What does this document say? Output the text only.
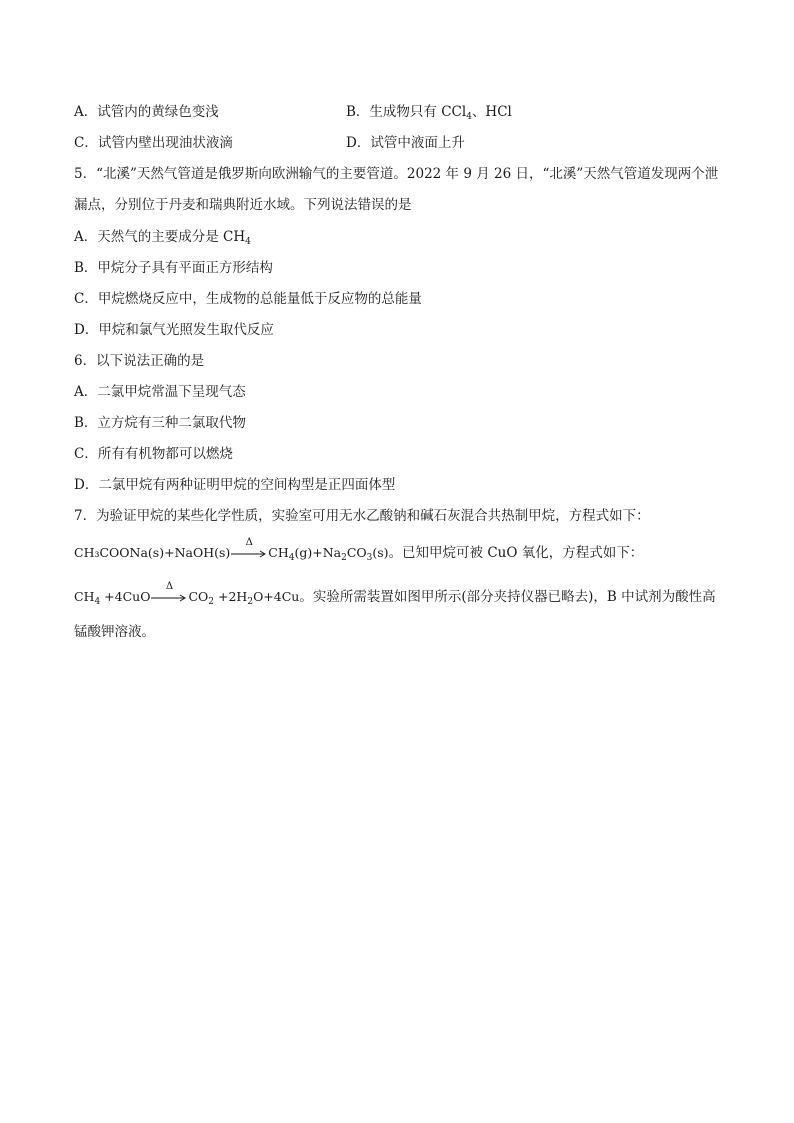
A．试管内的黄绿色变浅	B．生成物只有 CCl$_4$、HCl
C．试管内壁出现油状液滴	D．试管中液面上升
5．“北溪”天然气管道是俄罗斯向欧洲输气的主要管道。2022 年 9 月 26 日，“北溪”天然气管道发现两个泄
漏点，分别位于丹麦和瑞典附近水域。下列说法错误的是
A．天然气的主要成分是 $CH_4$
B．甲烷分子具有平面正方形结构
C．甲烷燃烧反应中，生成物的总能量低于反应物的总能量
D．甲烷和氯气光照发生取代反应
6．以下说法正确的是
A．二氯甲烷常温下呈现气态
B．立方烷有三种二氯取代物
C．所有有机物都可以燃烧
D．二氯甲烷有两种证明甲烷的空间构型是正四面体型
7．为验证甲烷的某些化学性质，实验室可用无水乙酸钠和碱石灰混合共热制甲烷，方程式如下：
CH₃COONa(s)+NaOH(s)
Δ
$CH_4(g)+Na_2CO_3(s)$。已知甲烷可被 CuO 氧化，方程式如下：
$CH_4 +4CuO$
Δ
$CO_2 +2H_2O+4Cu$。实验所需装置如图甲所示(部分夹持仪器已略去)，B 中试剂为酸性高
锰酸钾溶液。
